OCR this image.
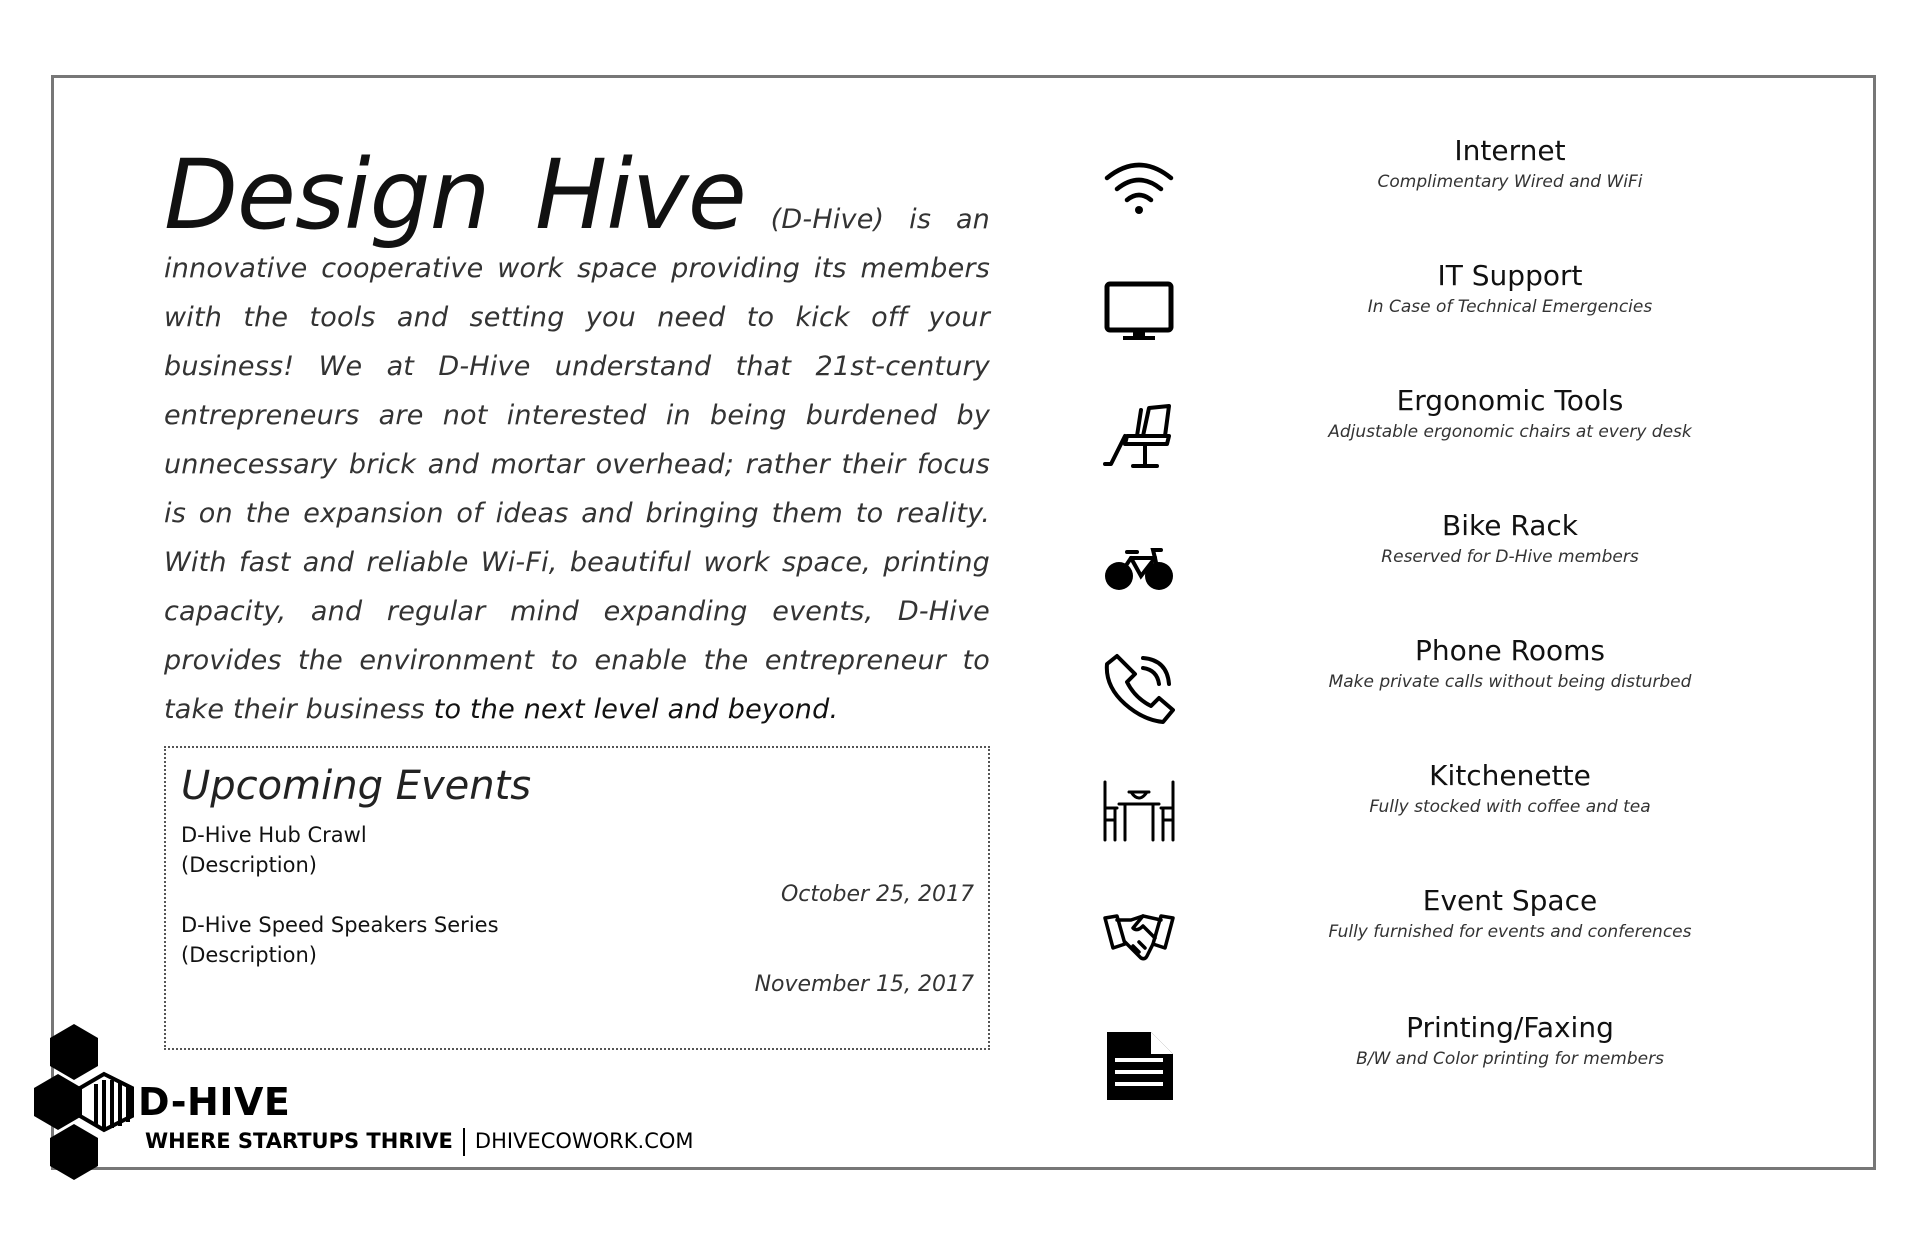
Design Hive (D-Hive) is an innovative cooperative work space providing its members with the tools and setting you need to kick off your business! We at D-Hive understand that 21st-century entrepreneurs are not interested in being burdened by unnecessary brick and mortar overhead; rather their focus is on the expansion of ideas and bringing them to reality. With fast and reliable Wi-Fi, beautiful work space, printing capacity, and regular mind expanding events, D-Hive provides the environment to enable the entrepreneur to take their business to the next level and beyond.
Upcoming Events
D-Hive Hub Crawl
(Description)
October 25, 2017
D-Hive Speed Speakers Series
(Description)
November 15, 2017
Internet
Complimentary Wired and WiFi
IT Support
In Case of Technical Emergencies
Ergonomic Tools
Adjustable ergonomic chairs at every desk
Bike Rack
Reserved for D-Hive members
Phone Rooms
Make private calls without being disturbed
Kitchenette
Fully stocked with coffee and tea
Event Space
Fully furnished for events and conferences
Printing/Faxing
B/W and Color printing for members
D-HIVE
WHERE STARTUPS THRIVE DHIVECOWORK.COM
